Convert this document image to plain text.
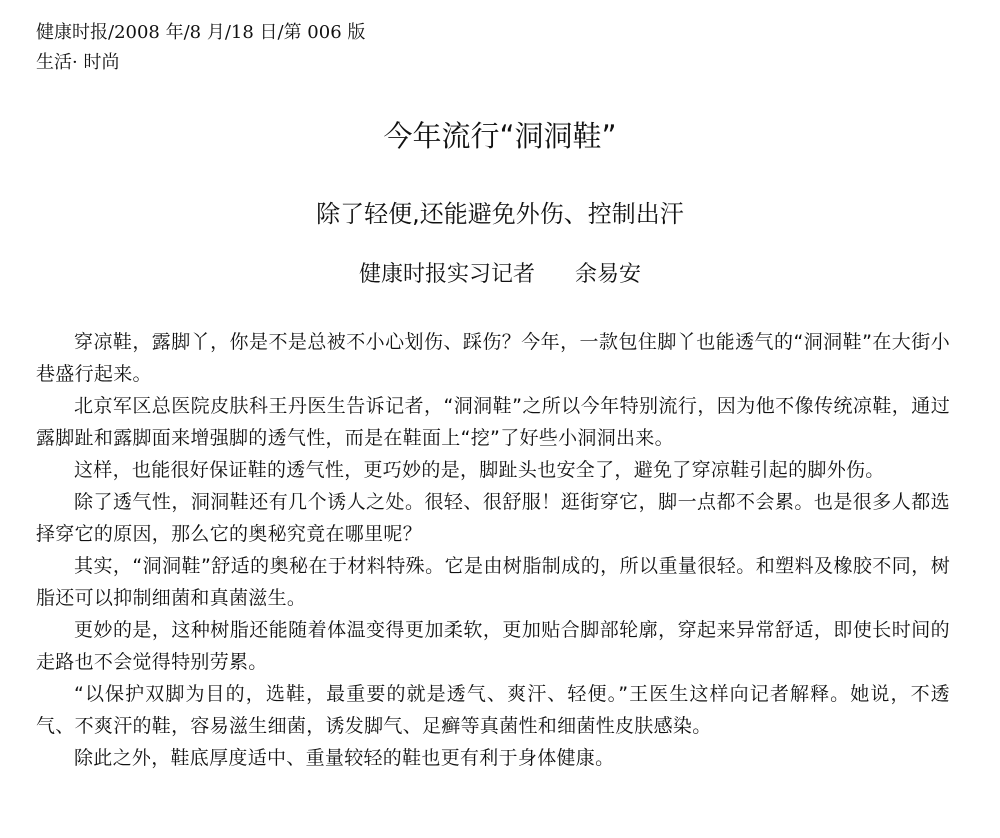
健康时报/2008 年/8 月/18 日/第 006 版
生活· 时尚
今年流行“洞洞鞋”
除了轻便,还能避免外伤、控制出汗
健康时报实习记者 余易安

穿凉鞋，露脚丫，你是不是总被不小心划伤、踩伤？今年，一款包住脚丫也能透气的“洞洞鞋”在大街小巷盛行起来。

北京军区总医院皮肤科王丹医生告诉记者，“洞洞鞋”之所以今年特别流行，因为他不像传统凉鞋，通过露脚趾和露脚面来增强脚的透气性，而是在鞋面上“挖”了好些小洞洞出来。

这样，也能很好保证鞋的透气性，更巧妙的是，脚趾头也安全了，避免了穿凉鞋引起的脚外伤。

除了透气性，洞洞鞋还有几个诱人之处。很轻、很舒服！逛街穿它，脚一点都不会累。也是很多人都选择穿它的原因，那么它的奥秘究竟在哪里呢？

其实，“洞洞鞋”舒适的奥秘在于材料特殊。它是由树脂制成的，所以重量很轻。和塑料及橡胶不同，树脂还可以抑制细菌和真菌滋生。

更妙的是，这种树脂还能随着体温变得更加柔软，更加贴合脚部轮廓，穿起来异常舒适，即使长时间的走路也不会觉得特别劳累。

“以保护双脚为目的，选鞋，最重要的就是透气、爽汗、轻便。”王医生这样向记者解释。她说，不透气、不爽汗的鞋，容易滋生细菌，诱发脚气、足癣等真菌性和细菌性皮肤感染。

除此之外，鞋底厚度适中、重量较轻的鞋也更有利于身体健康。
